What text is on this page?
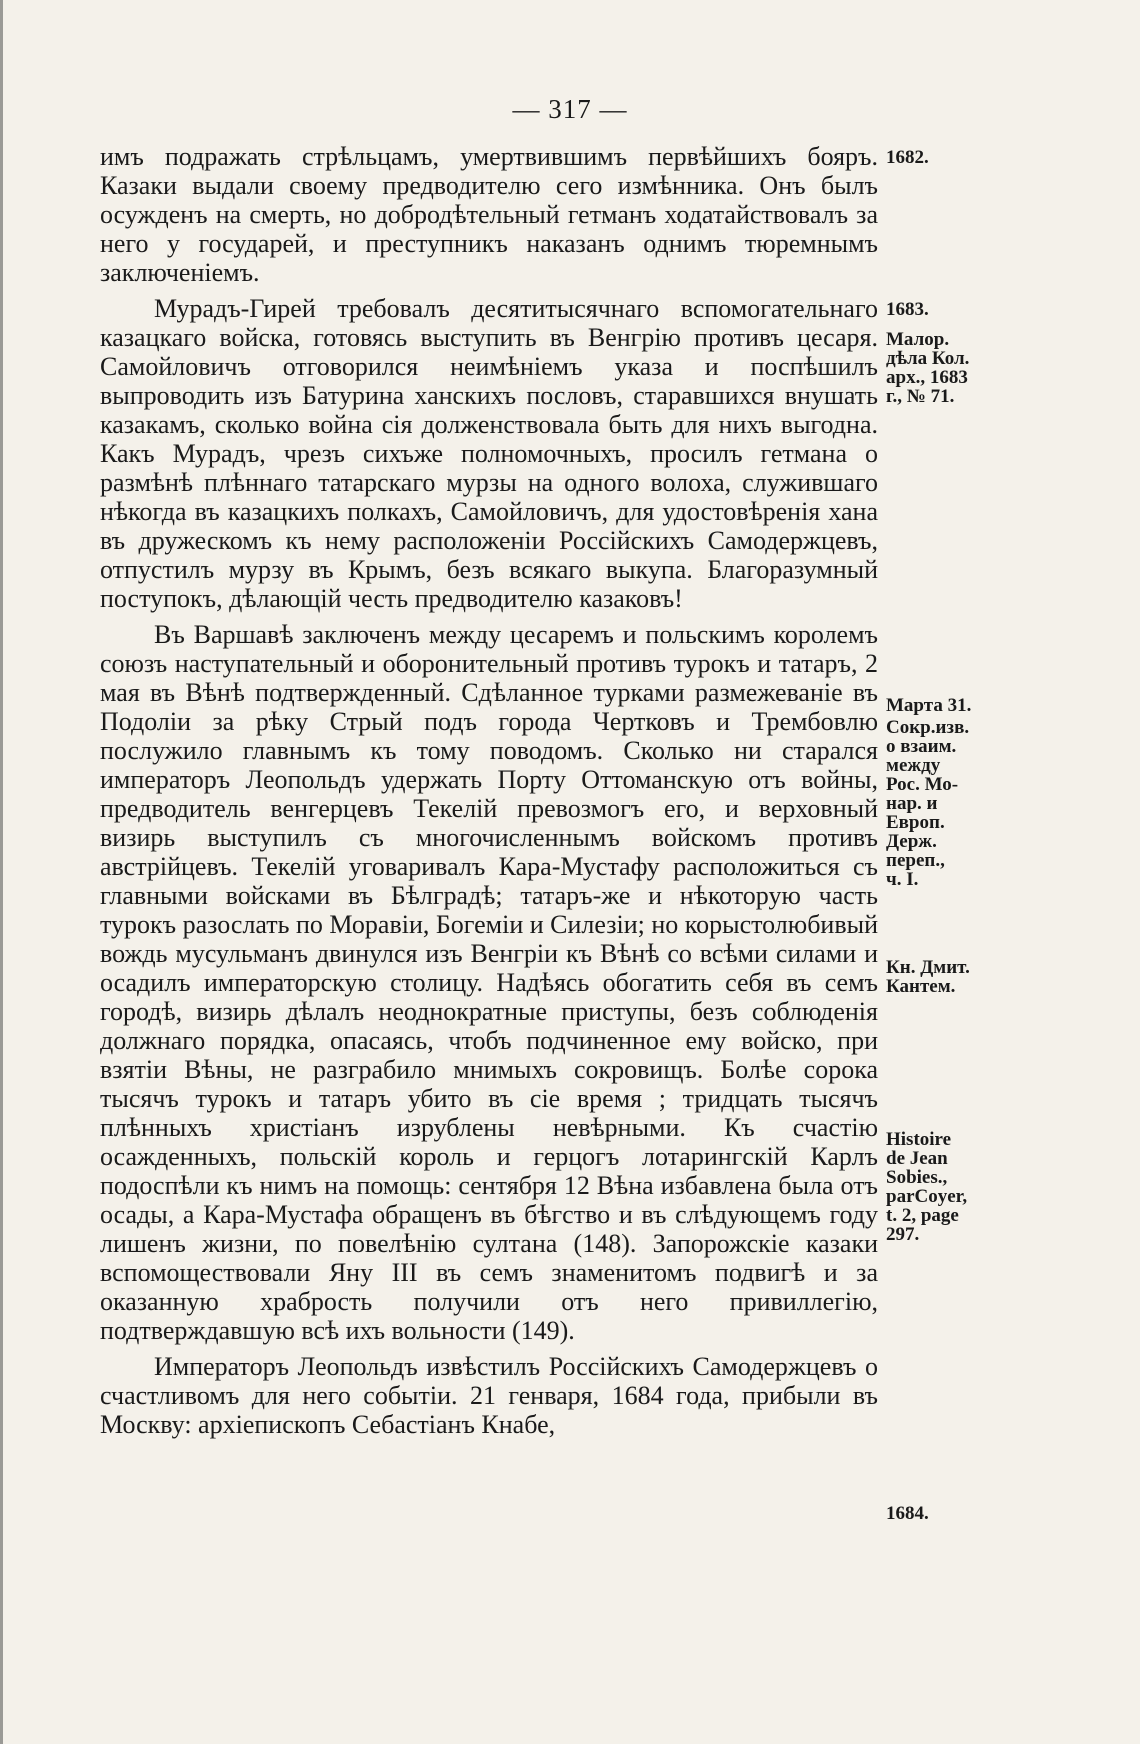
— 317 —

имъ подражать стрѣльцамъ, умертвившимъ первѣйшихъ бояръ. Казаки выдали своему предводителю сего измѣнника. Онъ былъ осужденъ на смерть, но добродѣтельный гетманъ ходатайствовалъ за него у государей, и преступникъ наказанъ однимъ тюремнымъ заключеніемъ.

Мурадъ-Гирей требовалъ десятитысячнаго вспомогательнаго казацкаго войска, готовясь выступить въ Венгрію противъ цесаря. Самойловичъ отговорился неимѣніемъ указа и поспѣшилъ выпроводить изъ Батурина ханскихъ пословъ, старавшихся внушать казакамъ, сколько война сія долженствовала быть для нихъ выгодна. Какъ Мурадъ, чрезъ сихъже полномочныхъ, просилъ гетмана о размѣнѣ плѣннаго татарскаго мурзы на одного волоха, служившаго нѣкогда въ казацкихъ полкахъ, Самойловичъ, для удостовѣренія хана въ дружескомъ къ нему расположеніи Россійскихъ Самодержцевъ, отпустилъ мурзу въ Крымъ, безъ всякаго выкупа. Благоразумный поступокъ, дѣлающій честь предводителю казаковъ!

Въ Варшавѣ заключенъ между цесаремъ и польскимъ королемъ союзъ наступательный и оборонительный противъ турокъ и татаръ, 2 мая въ Вѣнѣ подтвержденный. Сдѣланное турками размежеваніе въ Подоліи за рѣку Стрый подъ города Чертковъ и Трембовлю послужило главнымъ къ тому поводомъ. Сколько ни старался императоръ Леопольдъ удержать Порту Оттоманскую отъ войны, предводитель венгерцевъ Текелій превозмогъ его, и верховный визирь выступилъ съ многочисленнымъ войскомъ противъ австрійцевъ. Текелій уговаривалъ Кара-Мустафу расположиться съ главными войсками въ Бѣлградѣ; татаръ-же и нѣкоторую часть турокъ разослать по Моравіи, Богеміи и Силезіи; но корыстолюбивый вождь мусульманъ двинулся изъ Венгріи къ Вѣнѣ со всѣми силами и осадилъ императорскую столицу. Надѣясь обогатить себя въ семъ городѣ, визирь дѣлалъ неоднократные приступы, безъ соблюденія должнаго порядка, опасаясь, чтобъ подчиненное ему войско, при взятіи Вѣны, не разграбило мнимыхъ сокровищъ. Болѣе сорока тысячъ турокъ и татаръ убито въ сіе время ; тридцать тысячъ плѣнныхъ христіанъ изрублены невѣрными. Къ счастію осажденныхъ, польскій король и герцогъ лотарингскій Карлъ подоспѣли къ нимъ на помощь: сентября 12 Вѣна избавлена была отъ осады, а Кара-Мустафа обращенъ въ бѣгство и въ слѣдующемъ году лишенъ жизни, по повелѣнію султана (148). Запорожскіе казаки вспомоществовали Яну III въ семъ знаменитомъ подвигѣ и за оказанную храбрость получили отъ него привиллегію, подтверждавшую всѣ ихъ вольности (149).

Императоръ Леопольдъ извѣстилъ Россійскихъ Самодержцевъ о счастливомъ для него событіи. 21 генваря, 1684 года, прибыли въ Москву: архіепископъ Себастіанъ Кнабе,

1682.
1683.
Малор.
дѣла Кол.
арх., 1683
г., № 71.
Марта 31.
Сокр.изв.
о взаим.
между
Рос. Мо-
нар. и
Европ.
Держ.
переп.,
ч. I.
Кн. Дмит.
Кантем.
Histoire
de Jean
Sobies.,
parCoyer,
t. 2, page
297.
1684.
